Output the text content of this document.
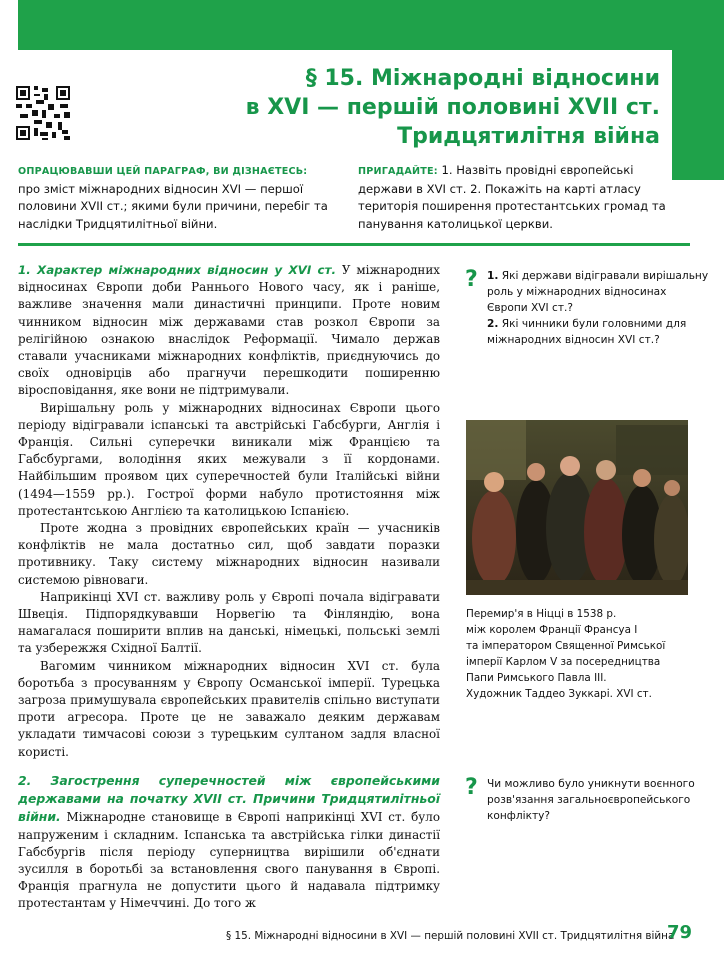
§ 15. Міжнародні відносини
в XVI — першій половині XVII ст.
Тридцятилітня війна
ОПРАЦЮВАВШИ ЦЕЙ ПАРАГРАФ, ВИ ДІЗНАЄТЕСЬ: про зміст міжнародних відносин XVI — першої половини XVII ст.; якими були причини, перебіг та наслідки Тридцятилітньої війни.
ПРИГАДАЙТЕ: 1. Назвіть провідні європейські держави в XVI ст. 2. Покажіть на карті атласу територія поширення протестантських громад та панування католицької церкви.

1. Характер міжнародних відносин у XVI ст. У міжнародних відносинах Європи доби Раннього Нового часу, як і раніше, важливе значення мали династичні принципи. Проте новим чинником відносин між державами став розкол Європи за релігійною ознакою внаслідок Реформації. Чимало держав ставали учасниками міжнародних конфліктів, приєднуючись до своїх одновірців або прагнучи перешкодити поширенню віросповідання, яке вони не підтримували.

Вирішальну роль у міжнародних відносинах Європи цього періоду відігравали іспанські та австрійські Габсбурги, Англія і Франція. Сильні суперечки виникали між Францією та Габсбургами, володіння яких межували з її кордонами. Найбільшим проявом цих суперечностей були Італійські війни (1494—1559 рр.). Гострої форми набуло протистояння між протестантською Англією та католицькою Іспанією.

Проте жодна з провідних європейських країн — учасників конфліктів не мала достатньо сил, щоб завдати поразки противнику. Таку систему міжнародних відносин називали системою рівноваги.

Наприкінці XVI ст. важливу роль у Європі почала відігравати Швеція. Підпорядкувавши Норвегію та Фінляндію, вона намагалася поширити вплив на данські, німецькі, польські землі та узбережжя Східної Балтії.

Вагомим чинником міжнародних відносин XVI ст. була боротьба з просуванням у Європу Османської імперії. Турецька загроза примушувала європейських правителів спільно виступати проти агресора. Проте це не заважало деяким державам укладати тимчасові союзи з турецьким султаном задля власної користі.

2. Загострення суперечностей між європейськими державами на початку XVII ст. Причини Тридцятилітньої війни. Міжнародне становище в Європі наприкінці XVI ст. було напруженим і складним. Іспанська та австрійська гілки династії Габсбургів після періоду суперництва вирішили об'єднати зусилля в боротьбі за встановлення свого панування в Європі. Франція прагнула не допустити цього й надавала підтримку протестантам у Німеччині. До того ж

? 1. Які держави відігравали вирішальну роль у міжнародних відносинах Європи XVI ст.?

2. Які чинники були головними для міжнародних відносин XVI ст.?

Перемир'я в Ніцці в 1538 р.
між королем Франції Франсуа І
та імператором Священної Римської
імперії Карлом V за посередництва
Папи Римського Павла III.
Художник Таддео Зуккарі. XVI ст.
? Чи можливо було уникнути воєнного розв'язання загальноєвропейського конфлікту?

§ 15. Міжнародні відносини в XVI — першій половині XVII ст. Тридцятилітня війна
79
